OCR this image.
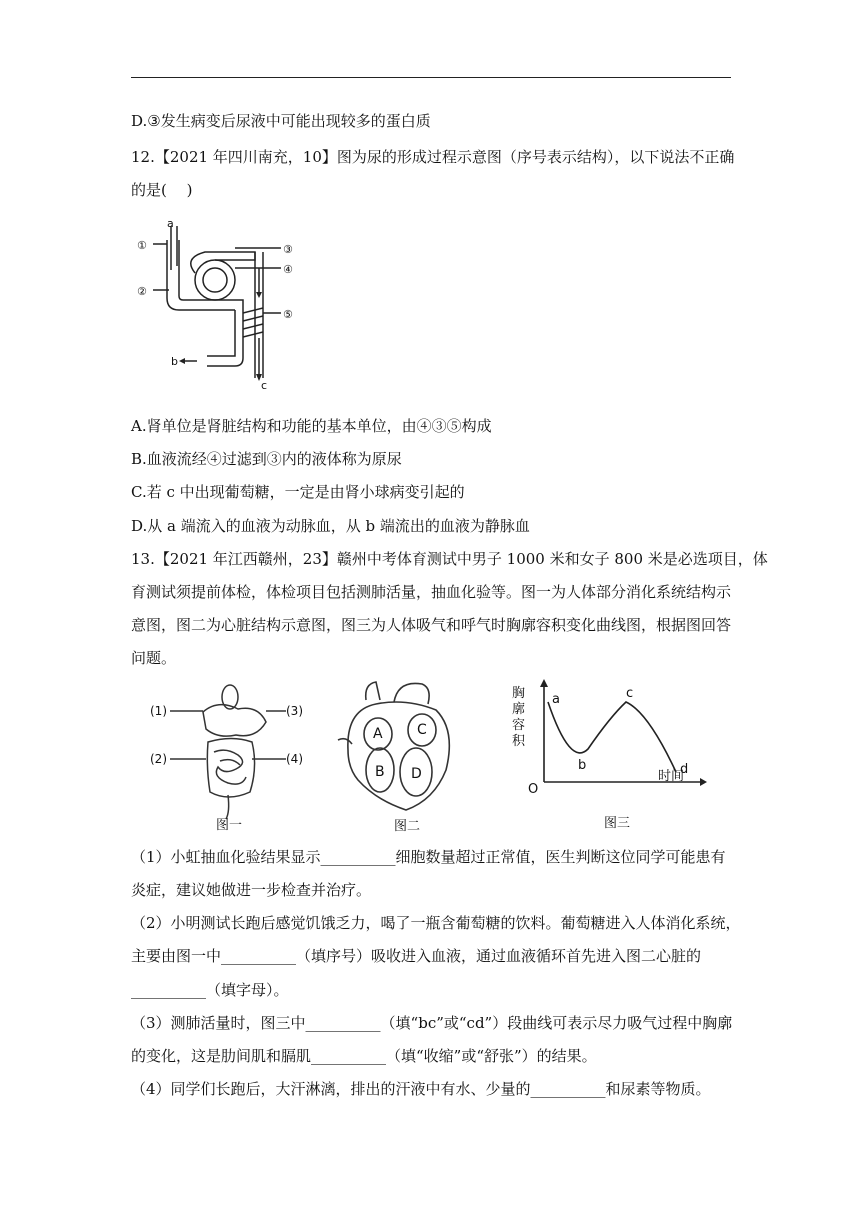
D.③发生病变后尿液中可能出现较多的蛋白质
12.【2021 年四川南充，10】图为尿的形成过程示意图（序号表示结构），以下说法不正确
的是(　 )
a
①
②
③
④
⑤
b
c
A.肾单位是肾脏结构和功能的基本单位，由④③⑤构成
B.血液流经④过滤到③内的液体称为原尿
C.若 c 中出现葡萄糖，一定是由肾小球病变引起的
D.从 a 端流入的血液为动脉血，从 b 端流出的血液为静脉血
13.【2021 年江西赣州，23】赣州中考体育测试中男子 1000 米和女子 800 米是必选项目，体
育测试须提前体检，体检项目包括测肺活量，抽血化验等。图一为人体部分消化系统结构示
意图，图二为心脏结构示意图，图三为人体吸气和呼气时胸廓容积变化曲线图，根据图回答
问题。
(1)
(2)
(3)
(4)
图一
A
B
C
D
图二
胸
廓
容
积
O
时间
a
b
c
d
图三
（1）小虹抽血化验结果显示__________细胞数量超过正常值，医生判断这位同学可能患有
炎症，建议她做进一步检查并治疗。
（2）小明测试长跑后感觉饥饿乏力，喝了一瓶含葡萄糖的饮料。葡萄糖进入人体消化系统，
主要由图一中__________（填序号）吸收进入血液，通过血液循环首先进入图二心脏的
__________（填字母）。
（3）测肺活量时，图三中__________（填“bc”或“cd”）段曲线可表示尽力吸气过程中胸廓
的变化，这是肋间肌和膈肌__________（填“收缩”或“舒张”）的结果。
（4）同学们长跑后，大汗淋漓，排出的汗液中有水、少量的__________和尿素等物质。
